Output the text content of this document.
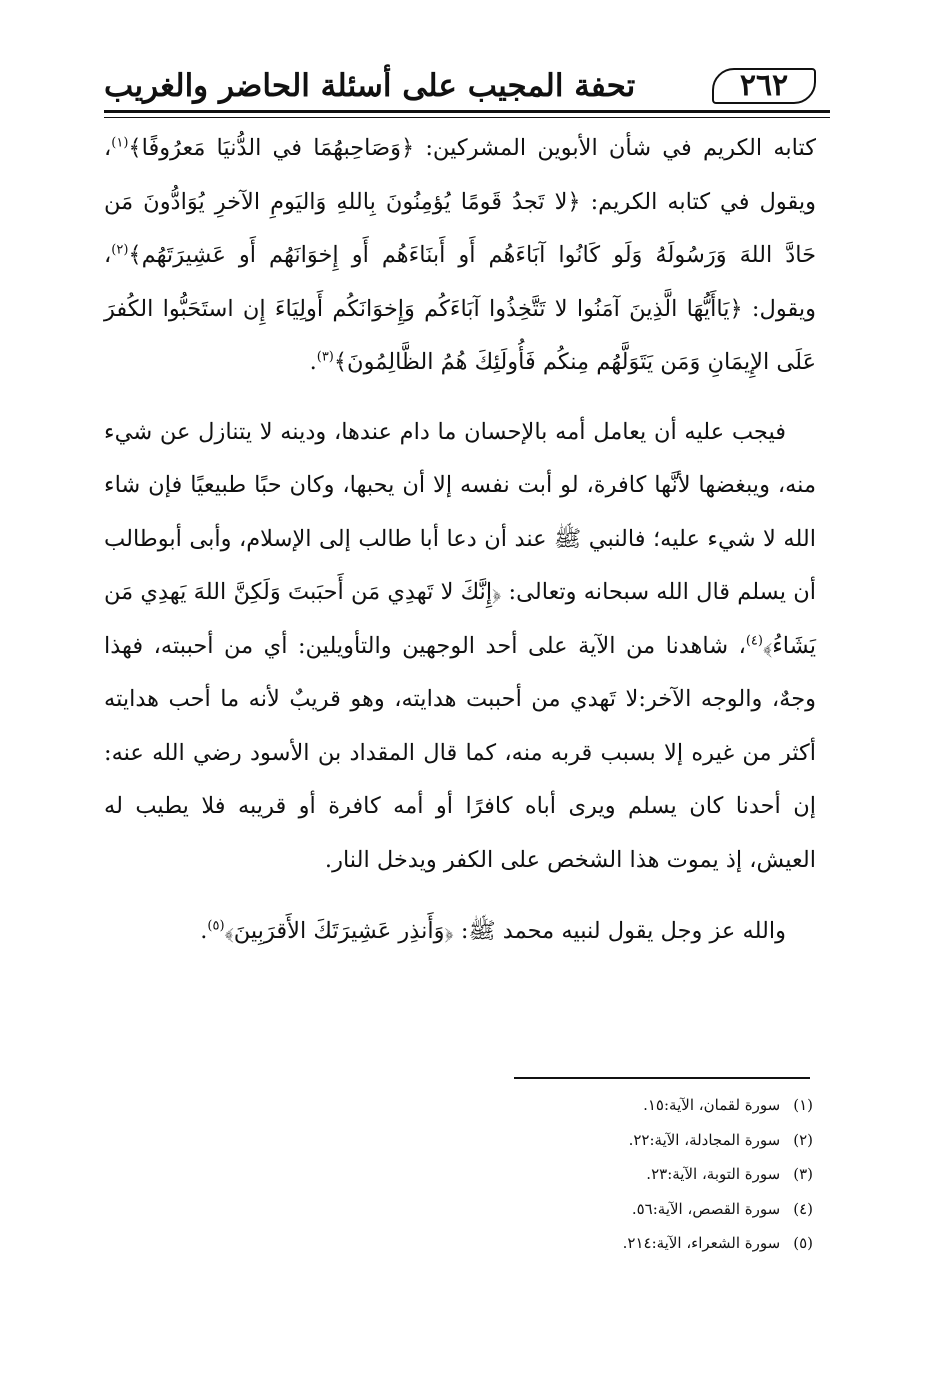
تحفة المجيب على أسئلة الحاضر والغريب	٢٦٢

كتابه الكريم في شأن الأبوين المشركين: ﴿وَصَاحِبهُمَا في الدُّنيَا مَعرُوفًا﴾$^{(١)}$، ويقول في كتابه الكريم: ﴿لا تَجدُ قَومًا يُؤمِنُونَ بِاللهِ وَاليَومِ الآخرِ يُوَادُّونَ مَن حَادَّ اللهَ وَرَسُولَهُ وَلَو كَانُوا آبَاءَهُم أَو أَبنَاءَهُم أَو إِخوَانَهُم أَو عَشِيرَتَهُم﴾$^{(٢)}$، ويقول: ﴿يَاأَيُّهَا الَّذِينَ آمَنُوا لا تَتَّخِذُوا آبَاءَكُم وَإِخوَانَكُم أَولِيَاءَ إِن استَحَبُّوا الكُفرَ عَلَى الإِيمَانِ وَمَن يَتَوَلَّهُم مِنكُم فَأُولَئِكَ هُمُ الظَّالِمُونَ﴾$^{(٣)}$.

فيجب عليه أن يعامل أمه بالإحسان ما دام عندها، ودينه لا يتنازل عن شيء منه، ويبغضها لأنَّها كافرة، لو أبت نفسه إلا أن يحبها، وكان حبًا طبيعيًا فإن شاء الله لا شيء عليه؛ فالنبي ﷺ عند أن دعا أبا طالب إلى الإسلام، وأبى أبوطالب أن يسلم قال الله سبحانه وتعالى: ﴿إِنَّكَ لا تَهدِي مَن أَحبَبتَ وَلَكِنَّ اللهَ يَهدِي مَن يَشَاءُ﴾$^{(٤)}$، شاهدنا من الآية على أحد الوجهين والتأويلين: أي من أحببته، فهذا وجهٌ، والوجه الآخر:لا تَهدي من أحببت هدايته، وهو قريبٌ لأنه ما أحب هدايته أكثر من غيره إلا بسبب قربه منه، كما قال المقداد بن الأسود رضي الله عنه: إن أحدنا كان يسلم ويرى أباه كافرًا أو أمه كافرة أو قريبه فلا يطيب له العيش، إذ يموت هذا الشخص على الكفر ويدخل النار.

والله عز وجل يقول لنبيه محمد ﷺ: ﴿وَأَنذِر عَشِيرَتَكَ الأَقرَبِينَ﴾$^{(٥)}$.

(١) سورة لقمان، الآية:١٥.
(٢) سورة المجادلة، الآية:٢٢.
(٣) سورة التوبة، الآية:٢٣.
(٤) سورة القصص، الآية:٥٦.
(٥) سورة الشعراء، الآية:٢١٤.
